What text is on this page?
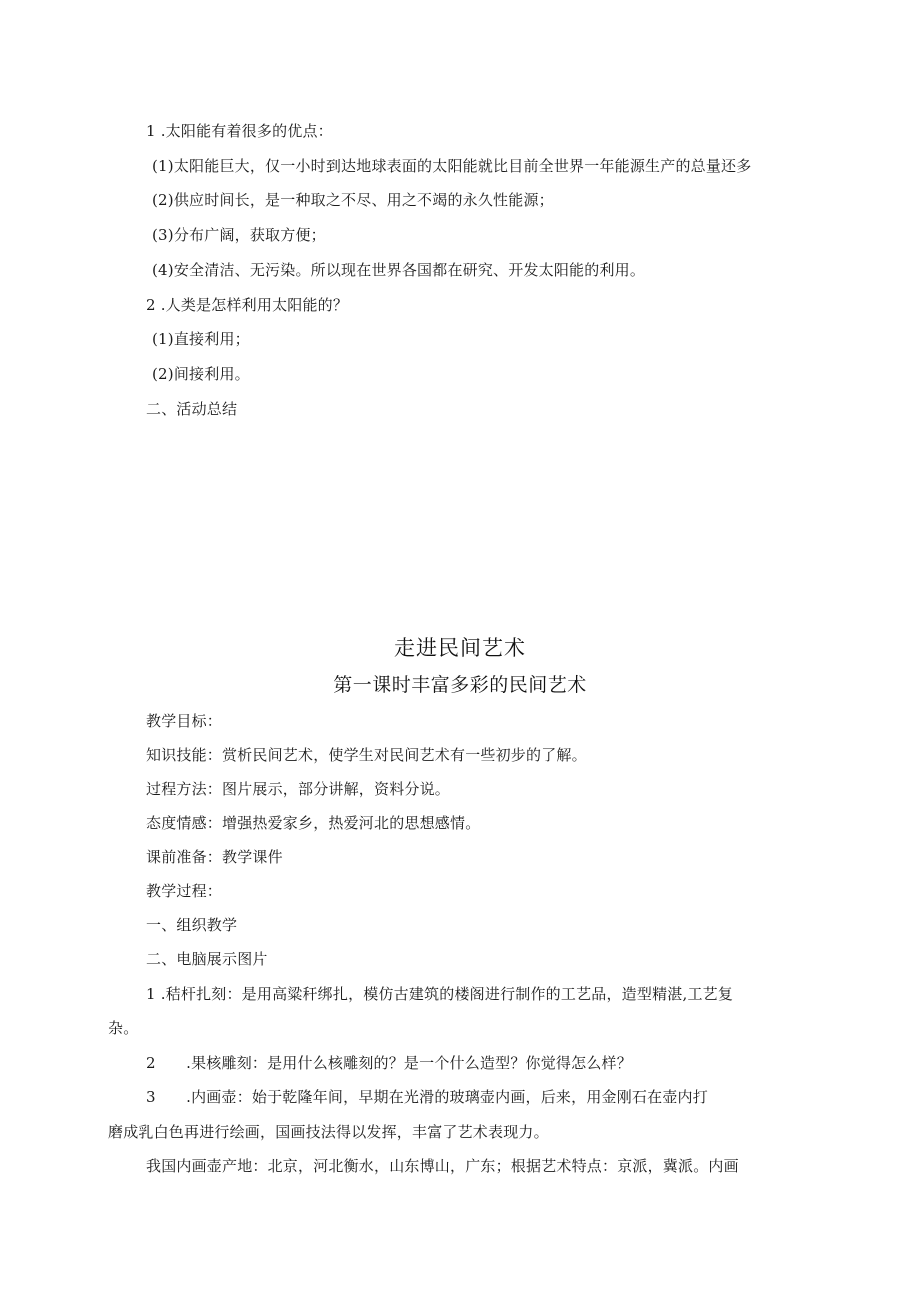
1 .太阳能有着很多的优点：
(1)太阳能巨大，仅一小时到达地球表面的太阳能就比目前全世界一年能源生产的总量还多
(2)供应时间长，是一种取之不尽、用之不竭的永久性能源；
(3)分布广阔，获取方便；
(4)安全清洁、无污染。所以现在世界各国都在研究、开发太阳能的利用。
2 .人类是怎样利用太阳能的？
(1)直接利用；
(2)间接利用。
二、活动总结
走进民间艺术
第一课时丰富多彩的民间艺术
教学目标：
知识技能：赏析民间艺术，使学生对民间艺术有一些初步的了解。
过程方法：图片展示，部分讲解，资料分说。
态度情感：增强热爱家乡，热爱河北的思想感情。
课前准备：教学课件
教学过程：
一、组织教学
二、电脑展示图片
1 .秸杆扎刻：是用高粱秆绑扎，模仿古建筑的楼阁进行制作的工艺品，造型精湛,工艺复
杂。
2　　.果核雕刻：是用什么核雕刻的？是一个什么造型？你觉得怎么样？
3　　.内画壶：始于乾隆年间，早期在光滑的玻璃壶内画，后来，用金刚石在壶内打
磨成乳白色再进行绘画，国画技法得以发挥，丰富了艺术表现力。
我国内画壶产地：北京，河北衡水，山东博山，广东；根据艺术特点：京派，冀派。内画
